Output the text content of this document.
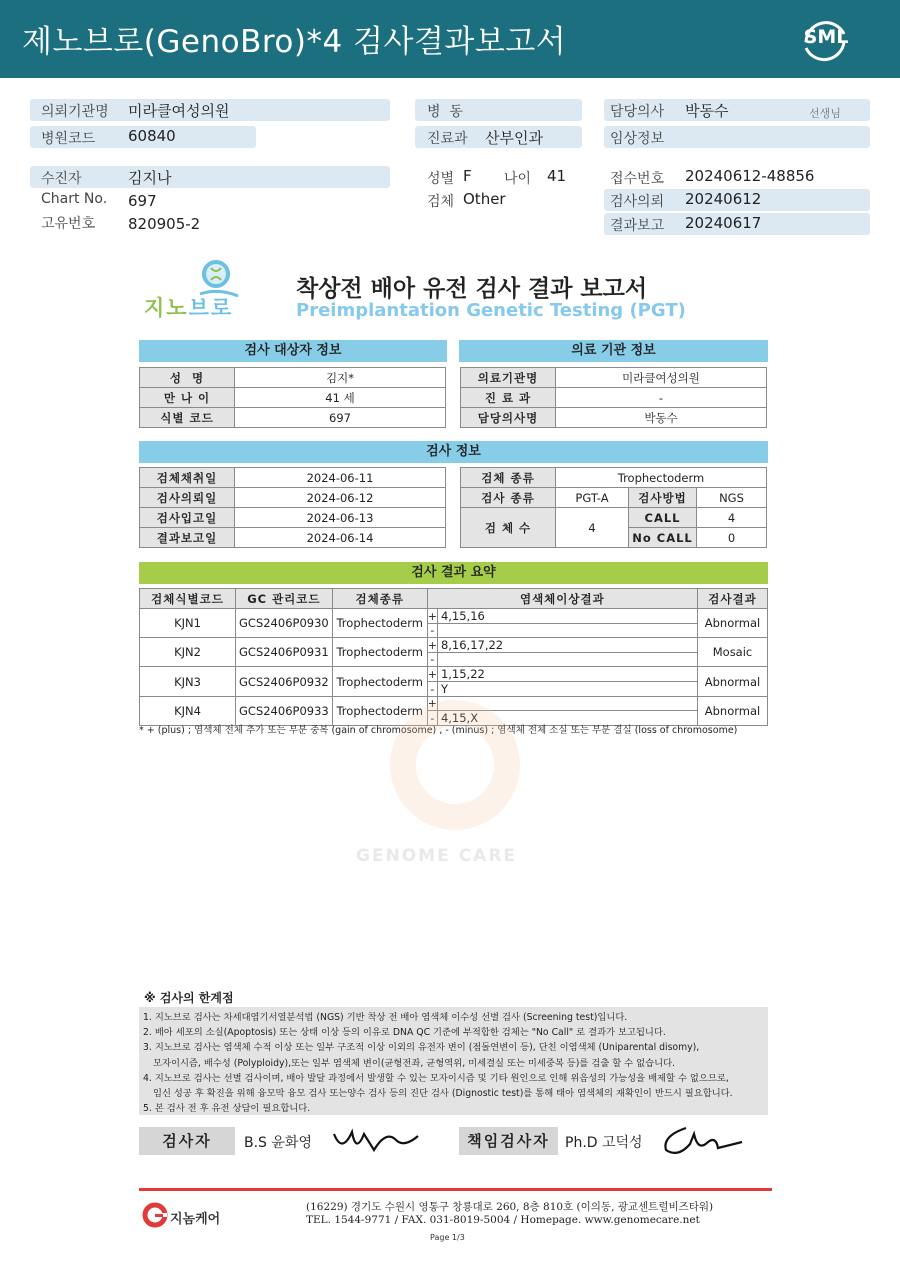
제노브로(GenoBro)*4 검사결과보고서	SML
의뢰기관명 미라클여성의원
병원코드 60840
병  동
진료과 산부인과
담당의사 박동수	선생님
임상정보
수진자	김지나
Chart No. 697
고유번호 820905-2
성별 F 나이 41
검체 Other
접수번호 20240612-48856
검사의뢰 20240612
결과보고 20240617
지노브로
착상전 배아 유전 검사 결과 보고서
Preimplantation Genetic Testing (PGT)
검사 대상자 정보
성  명	김지*
만 나 이	41 세
식별 코드	697
의료 기관 정보
의료기관명	미라클여성의원
진 료 과	-
담당의사명	박동수
검사 정보
검체채취일	2024-06-11
검사의뢰일	2024-06-12
검사입고일	2024-06-13
결과보고일	2024-06-14
검체 종류	Trophectoderm		
검사 종류	PGT-A	검사방법	NGS
검 체 수	4	CALL	4
		No CALL	0
검사 결과 요약
검체식별코드	GC 관리코드	검체종류	염색체이상결과		검사결과
KJN1	GCS2406P0930	Trophectoderm	+	4,15,16	Abnormal
			-		
KJN2	GCS2406P0931	Trophectoderm	+	8,16,17,22	Mosaic
			-		
KJN3	GCS2406P0932	Trophectoderm	+	1,15,22	Abnormal
			-	Y	
KJN4	GCS2406P0933	Trophectoderm	+		Abnormal
			-	4,15,X	
* + (plus) ; 염색체 전체 추가 또는 부분 중복 (gain of chromosome) , - (minus) ; 염색체 전체 소실 또는 부분 결실 (loss of chromosome)
GENOME CARE
※ 검사의 한계점
1. 지노브로 검사는 차세대염기서열분석법 (NGS) 기반 착상 전 배아 염색체 이수성 선별 검사 (Screening test)입니다.
2. 배아 세포의 소실(Apoptosis) 또는 상태 이상 등의 이유로 DNA QC 기준에 부적합한 검체는 "No Call" 로 결과가 보고됩니다.
3. 지노브로 검사는 염색체 수적 이상 또는 일부 구조적 이상 이외의 유전자 변이 (점돌연변이 등), 단친 이염색체 (Uniparental disomy),
모자이시즘, 배수성 (Polyploidy),또는 일부 염색체 변이(균형전좌, 균형역위, 미세결실 또는 미세중복 등)를 검출 할 수 없습니다.
4. 지노브로 검사는 선별 검사이며, 배아 발달 과정에서 발생할 수 있는 모자이시즘 및 기타 원인으로 인해 위음성의 가능성을 배제할 수 없으므로,
임신 성공 후 확진을 위해 융모막 융모 검사 또는양수 검사 등의 진단 검사 (Dignostic test)를 통해 태아 염색체의 재확인이 반드시 필요합니다.
5. 본 검사 전 후 유전 상담이 필요합니다.
검사자	B.S 윤화영	책임검사자	Ph.D 고덕성
지놈케어
(16229) 경기도 수원시 영통구 창룡대로 260, 8층 810호 (이의동, 광교센트럴비즈타워)
TEL. 1544-9771 / FAX. 031-8019-5004 / Homepage. www.genomecare.net
Page 1/3
